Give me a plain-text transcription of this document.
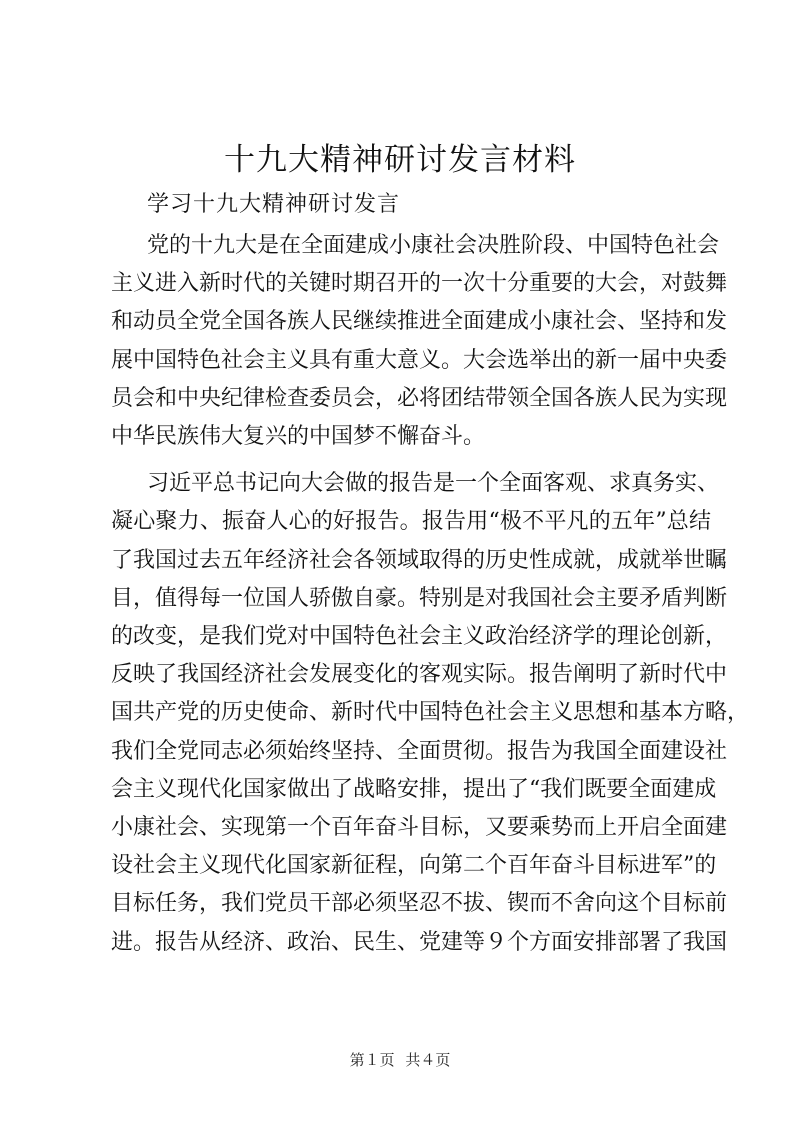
十九大精神研讨发言材料

学习十九大精神研讨发言

党的十九大是在全面建成小康社会决胜阶段、中国特色社会
主义进入新时代的关键时期召开的一次十分重要的大会，对鼓舞
和动员全党全国各族人民继续推进全面建成小康社会、坚持和发
展中国特色社会主义具有重大意义。大会选举出的新一届中央委
员会和中央纪律检查委员会，必将团结带领全国各族人民为实现
中华民族伟大复兴的中国梦不懈奋斗。

习近平总书记向大会做的报告是一个全面客观、求真务实、
凝心聚力、振奋人心的好报告。报告用“极不平凡的五年”总结
了我国过去五年经济社会各领域取得的历史性成就，成就举世瞩
目，值得每一位国人骄傲自豪。特别是对我国社会主要矛盾判断
的改变，是我们党对中国特色社会主义政治经济学的理论创新，
反映了我国经济社会发展变化的客观实际。报告阐明了新时代中
国共产党的历史使命、新时代中国特色社会主义思想和基本方略，
我们全党同志必须始终坚持、全面贯彻。报告为我国全面建设社
会主义现代化国家做出了战略安排，提出了“我们既要全面建成
小康社会、实现第一个百年奋斗目标，又要乘势而上开启全面建
设社会主义现代化国家新征程，向第二个百年奋斗目标进军”的
目标任务，我们党员干部必须坚忍不拔、锲而不舍向这个目标前
进。报告从经济、政治、民生、党建等９个方面安排部署了我国

第１页 共４页
